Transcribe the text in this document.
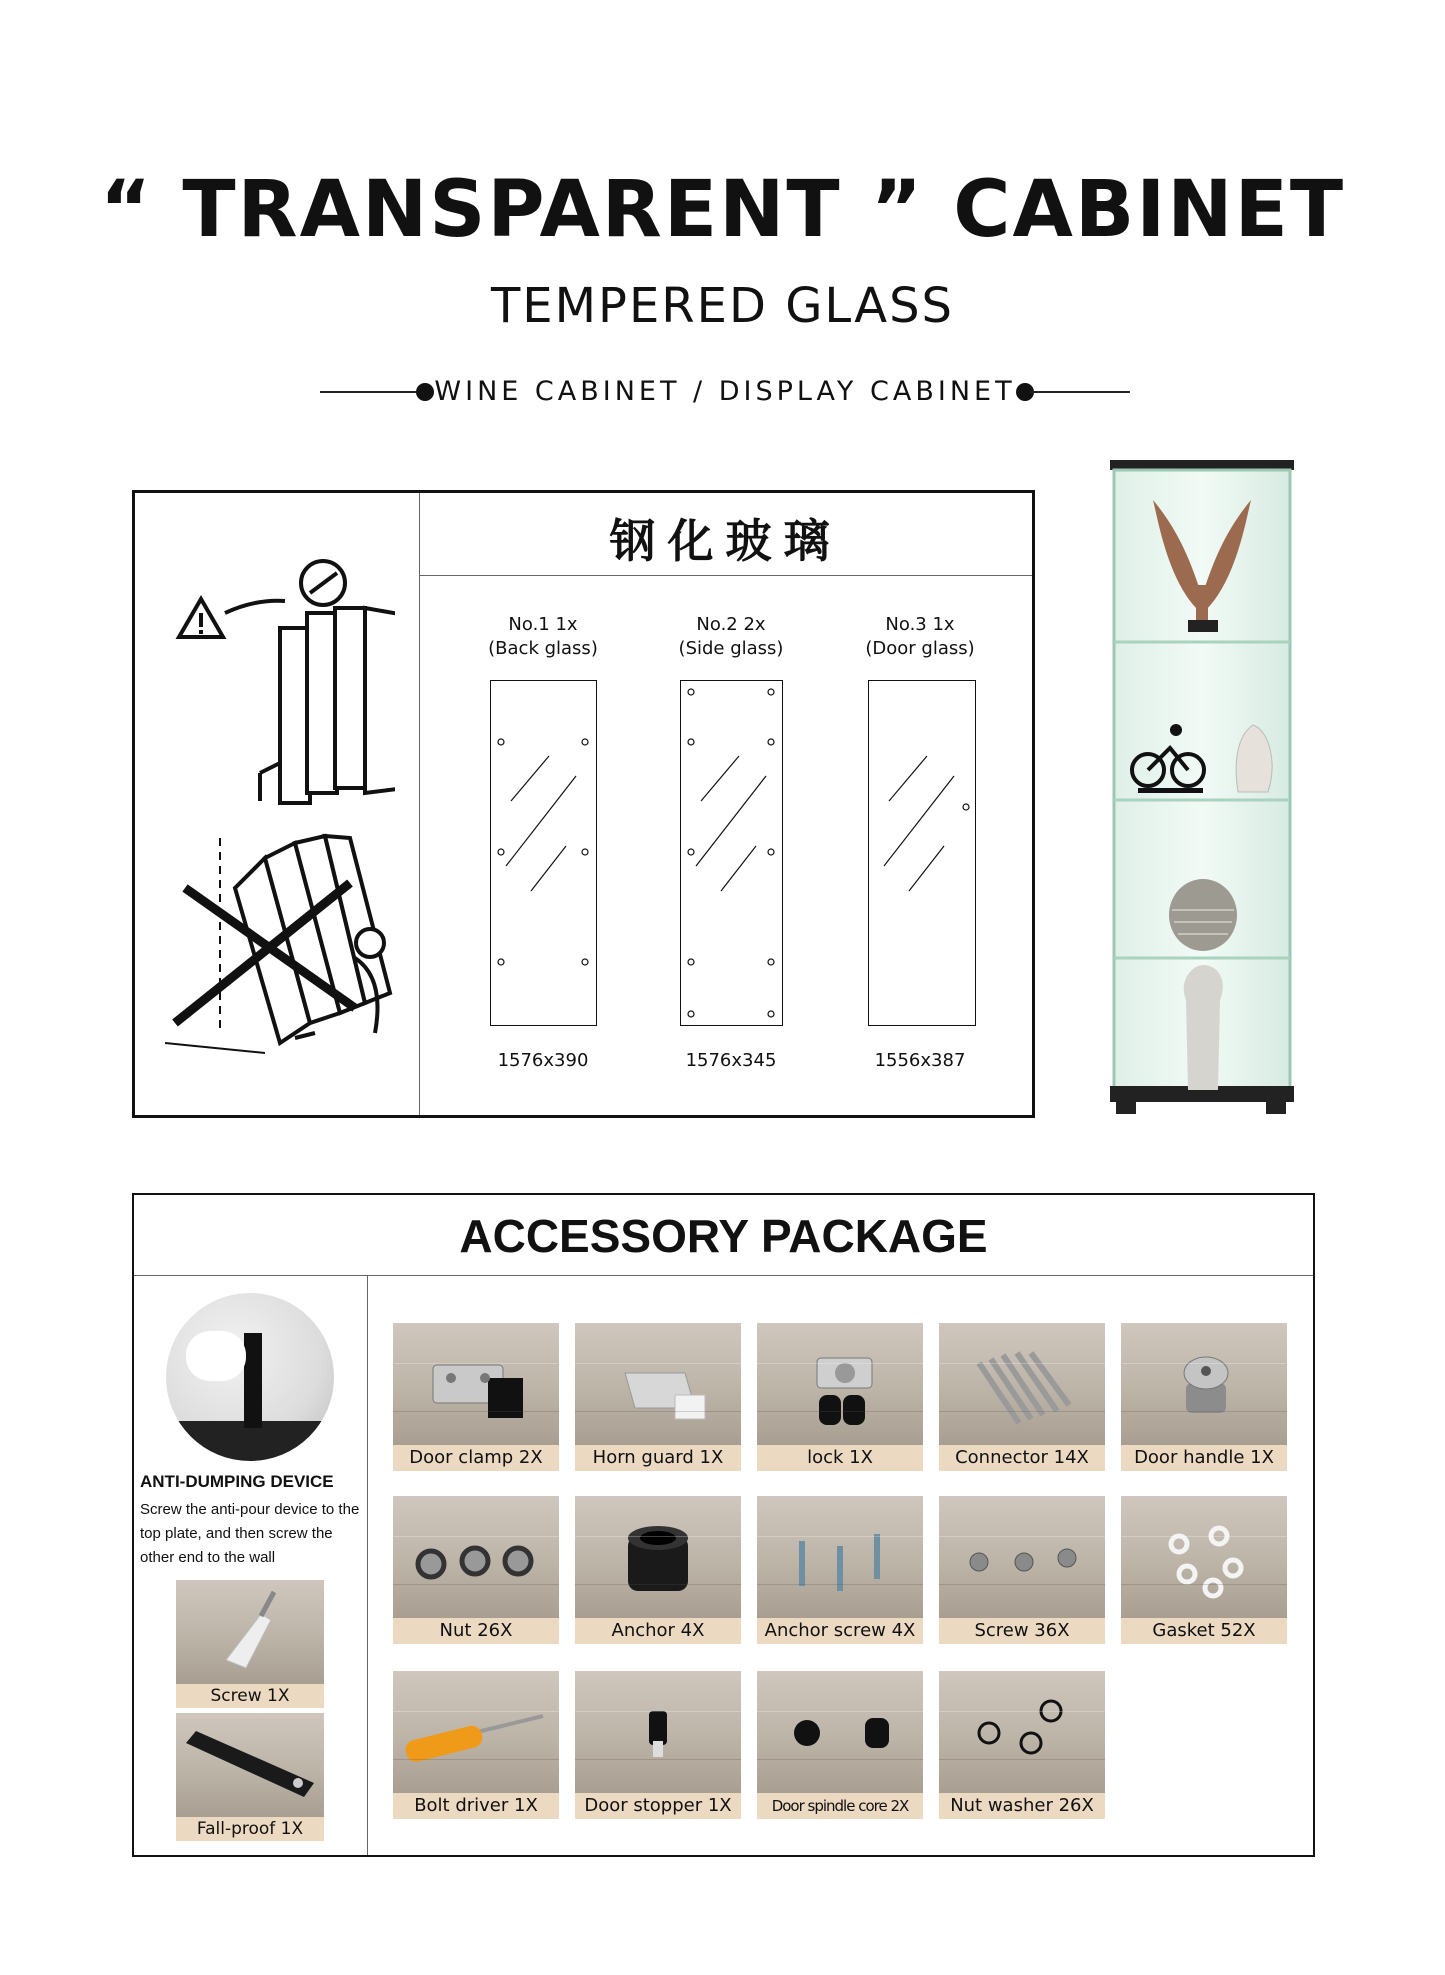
“ TRANSPARENT ” CABINET
TEMPERED GLASS
WINE CABINET / DISPLAY CABINET
钢化玻璃
No.1 1x
(Back glass)
1576x390
No.2 2x
(Side glass)
1576x345
No.3 1x
(Door glass)
1556x387
ACCESSORY PACKAGE
ANTI-DUMPING DEVICE
Screw the anti-pour device to the top plate, and then screw the other end to the wall
Screw 1X
Fall-proof 1X
Door clamp 2X	Horn guard 1X	lock 1X	Connector 14X	Door handle 1X
Nut 26X	Anchor 4X	Anchor screw 4X	Screw 36X	Gasket 52X
Bolt driver 1X	Door stopper 1X	Door spindle core 2X	Nut washer 26X
